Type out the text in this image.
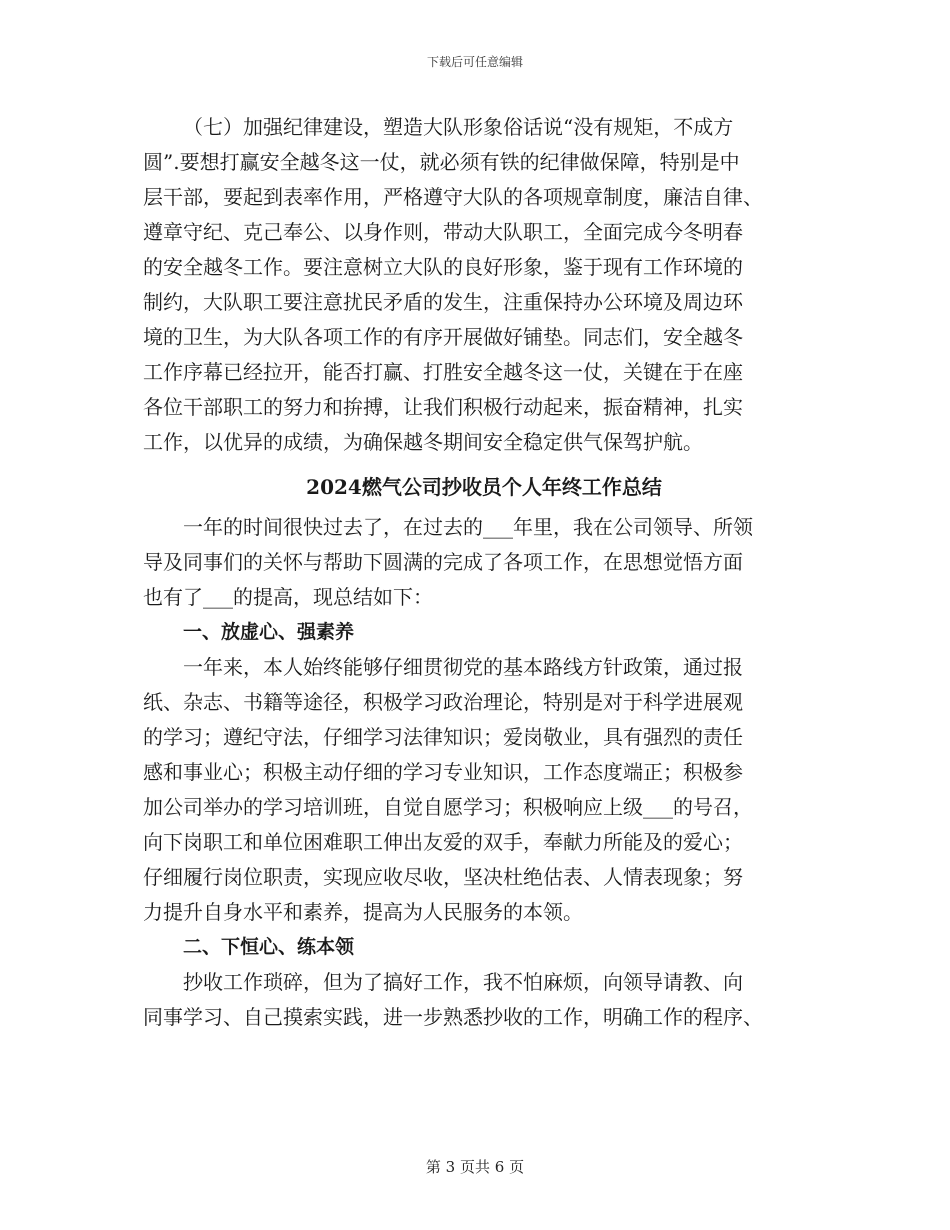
下载后可任意编辑
（七）加强纪律建设，塑造大队形象俗话说“没有规矩，不成方
圆”.要想打赢安全越冬这一仗，就必须有铁的纪律做保障，特别是中
层干部，要起到表率作用，严格遵守大队的各项规章制度，廉洁自律、
遵章守纪、克己奉公、以身作则，带动大队职工，全面完成今冬明春
的安全越冬工作。要注意树立大队的良好形象，鉴于现有工作环境的
制约，大队职工要注意扰民矛盾的发生，注重保持办公环境及周边环
境的卫生，为大队各项工作的有序开展做好铺垫。同志们，安全越冬
工作序幕已经拉开，能否打赢、打胜安全越冬这一仗，关键在于在座
各位干部职工的努力和拚搏，让我们积极行动起来，振奋精神，扎实
工作，以优异的成绩，为确保越冬期间安全稳定供气保驾护航。
2024燃气公司抄收员个人年终工作总结
一年的时间很快过去了，在过去的___年里，我在公司领导、所领
导及同事们的关怀与帮助下圆满的完成了各项工作，在思想觉悟方面
也有了___的提高，现总结如下：
一、放虚心、强素养
一年来，本人始终能够仔细贯彻党的基本路线方针政策，通过报
纸、杂志、书籍等途径，积极学习政治理论，特别是对于科学进展观
的学习；遵纪守法，仔细学习法律知识；爱岗敬业，具有强烈的责任
感和事业心；积极主动仔细的学习专业知识，工作态度端正；积极参
加公司举办的学习培训班，自觉自愿学习；积极响应上级___的号召，
向下岗职工和单位困难职工伸出友爱的双手，奉献力所能及的爱心；
仔细履行岗位职责，实现应收尽收，坚决杜绝估表、人情表现象；努
力提升自身水平和素养，提高为人民服务的本领。
二、下恒心、练本领
抄收工作琐碎，但为了搞好工作，我不怕麻烦，向领导请教、向
同事学习、自己摸索实践，进一步熟悉抄收的工作，明确工作的程序、
第 3 页共 6 页
